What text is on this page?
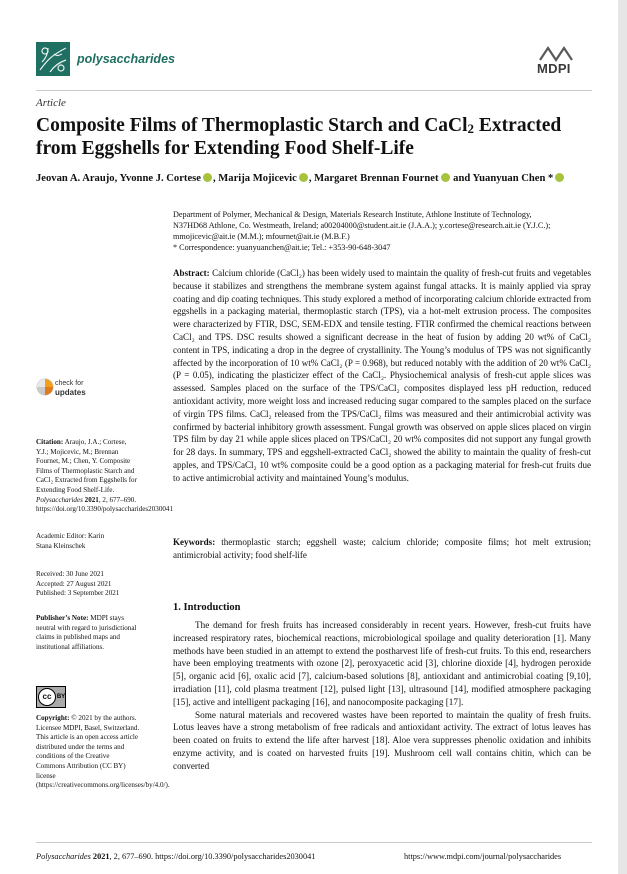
polysaccharides
MDPI
Article
Composite Films of Thermoplastic Starch and CaCl$_2$ Extracted
from Eggshells for Extending Food Shelf-Life
Jeovan A. Araujo, Yvonne J. Cortese , Marija Mojicevic , Margaret Brennan Fournet and Yuanyuan Chen *

Department of Polymer, Mechanical & Design, Materials Research Institute, Athlone Institute of Technology,

N37HD68 Athlone, Co. Westmeath, Ireland; a00204000@student.ait.ie (J.A.A.); y.cortese@research.ait.ie (Y.J.C.);

mmojicevic@ait.ie (M.M.); mfournet@ait.ie (M.B.F.)

* Correspondence: yuanyuanchen@ait.ie; Tel.: +353-90-648-3047

Abstract: Calcium chloride (CaCl₂) has been widely used to maintain the quality of fresh-cut fruits and vegetables because it stabilizes and strengthens the membrane system against fungal attacks. It is mainly applied via spray coating and dip coating techniques. This study explored a method of incorporating calcium chloride extracted from eggshells in a packaging material, thermoplastic starch (TPS), via a hot-melt extrusion process. The composites were characterized by FTIR, DSC, SEM-EDX and tensile testing. FTIR confirmed the chemical reactions between CaCl₂ and TPS. DSC results showed a significant decrease in the heat of fusion by adding 20 wt% of CaCl₂ content in TPS, indicating a drop in the degree of crystallinity. The Young’s modulus of TPS was not significantly affected by the incorporation of 10 wt% CaCl₂ (P = 0.968), but reduced notably with the addition of 20 wt% CaCl₂ (P = 0.05), indicating the plasticizer effect of the CaCl₂. Physiochemical analysis of fresh-cut apple slices was assessed. Samples placed on the surface of the TPS/CaCl₂ composites displayed less pH reduction, reduced antioxidant activity, more weight loss and increased reducing sugar compared to the samples placed on the surface of virgin TPS films. CaCl₂ released from the TPS/CaCl₂ films was measured and their antimicrobial activity was confirmed by bacterial inhibitory growth assessment. Fungal growth was observed on apple slices placed on virgin TPS film by day 21 while apple slices placed on TPS/CaCl₂ 20 wt% composites did not support any fungal growth for 28 days. In summary, TPS and eggshell-extracted CaCl₂ showed the ability to maintain the quality of fresh-cut apples, and TPS/CaCl₂ 10 wt% composite could be a good option as a packaging material for fresh-cut fruits due to active antimicrobial activity and maintained Young’s modulus.

Keywords: thermoplastic starch; eggshell waste; calcium chloride; composite films; hot melt extrusion; antimicrobial activity; food shelf-life

1. Introduction

The demand for fresh fruits has increased considerably in recent years. However, fresh-cut fruits have increased respiratory rates, biochemical reactions, microbiological spoilage and quality deterioration [1]. Many methods have been studied in an attempt to extend the postharvest life of fresh-cut fruits. To this end, researchers have been employing treatments with ozone [2], peroxyacetic acid [3], chlorine dioxide [4], hydrogen peroxide [5], organic acid [6], oxalic acid [7], calcium-based solutions [8], antioxidant and antimicrobial coating [9,10], irradiation [11], cold plasma treatment [12], pulsed light [13], ultrasound [14], modified atmosphere packaging [15], active and intelligent packaging [16], and nanocomposite packaging [17].

Some natural materials and recovered wastes have been reported to maintain the quality of fresh fruits. Lotus leaves have a strong metabolism of free radicals and antioxidant activity. The extract of lotus leaves has been coated on fruits to extend the life after harvest [18]. Aloe vera suppresses phenolic oxidation and inhibits enzyme activity, and is coated on harvested fruits [19]. Mushroom cell wall contains chitin, which can be converted

check for
updates

Citation: Araujo, J.A.; Cortese, Y.J.; Mojicevic, M.; Brennan Fournet, M.; Chen, Y. Composite Films of Thermoplastic Starch and CaCl₂ Extracted from Eggshells for Extending Food Shelf-Life. Polysaccharides 2021, 2, 677–690. https://doi.org/10.3390/polysaccharides2030041

Academic Editor: Karin

Stana Kleinschek

Received: 30 June 2021

Accepted: 27 August 2021

Published: 3 September 2021

Publisher’s Note: MDPI stays neutral with regard to jurisdictional claims in published maps and institutional affiliations.

cc BY

Copyright: © 2021 by the authors. Licensee MDPI, Basel, Switzerland. This article is an open access article distributed under the terms and conditions of the Creative Commons Attribution (CC BY) license (https://creativecommons.org/licenses/by/4.0/).

Polysaccharides 2021, 2, 677–690. https://doi.org/10.3390/polysaccharides2030041	https://www.mdpi.com/journal/polysaccharides
